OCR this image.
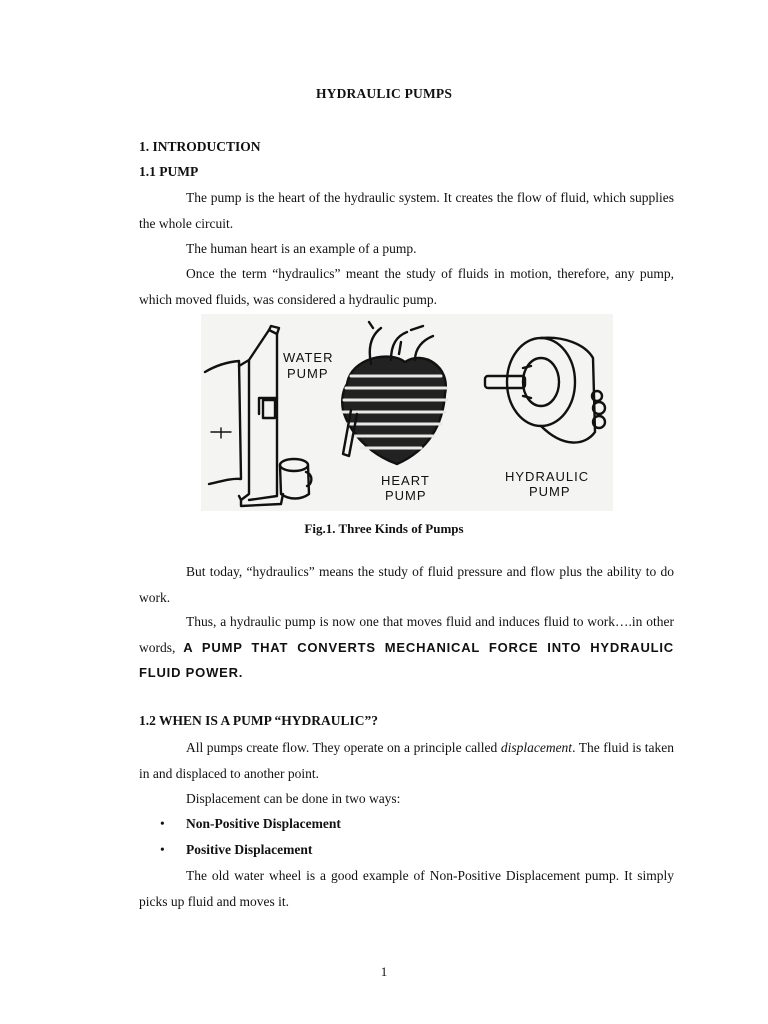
HYDRAULIC PUMPS
1. INTRODUCTION
1.1 PUMP
The pump is the heart of the hydraulic system. It creates the flow of fluid, which supplies the whole circuit.
The human heart is an example of a pump.
Once the term “hydraulics” meant the study of fluids in motion, therefore, any pump, which moved fluids, was considered a hydraulic pump.
WATER
PUMP
HEART
PUMP
HYDRAULIC
PUMP
Fig.1. Three Kinds of Pumps
But today, “hydraulics” means the study of fluid pressure and flow plus the ability to do work.
Thus, a hydraulic pump is now one that moves fluid and induces fluid to work….in other words, A PUMP THAT CONVERTS MECHANICAL FORCE INTO HYDRAULIC FLUID POWER.
1.2 WHEN IS A PUMP “HYDRAULIC”?
All pumps create flow. They operate on a principle called displacement. The fluid is taken in and displaced to another point.
Displacement can be done in two ways:
• Non-Positive Displacement
• Positive Displacement
The old water wheel is a good example of Non-Positive Displacement pump. It simply picks up fluid and moves it.
1
